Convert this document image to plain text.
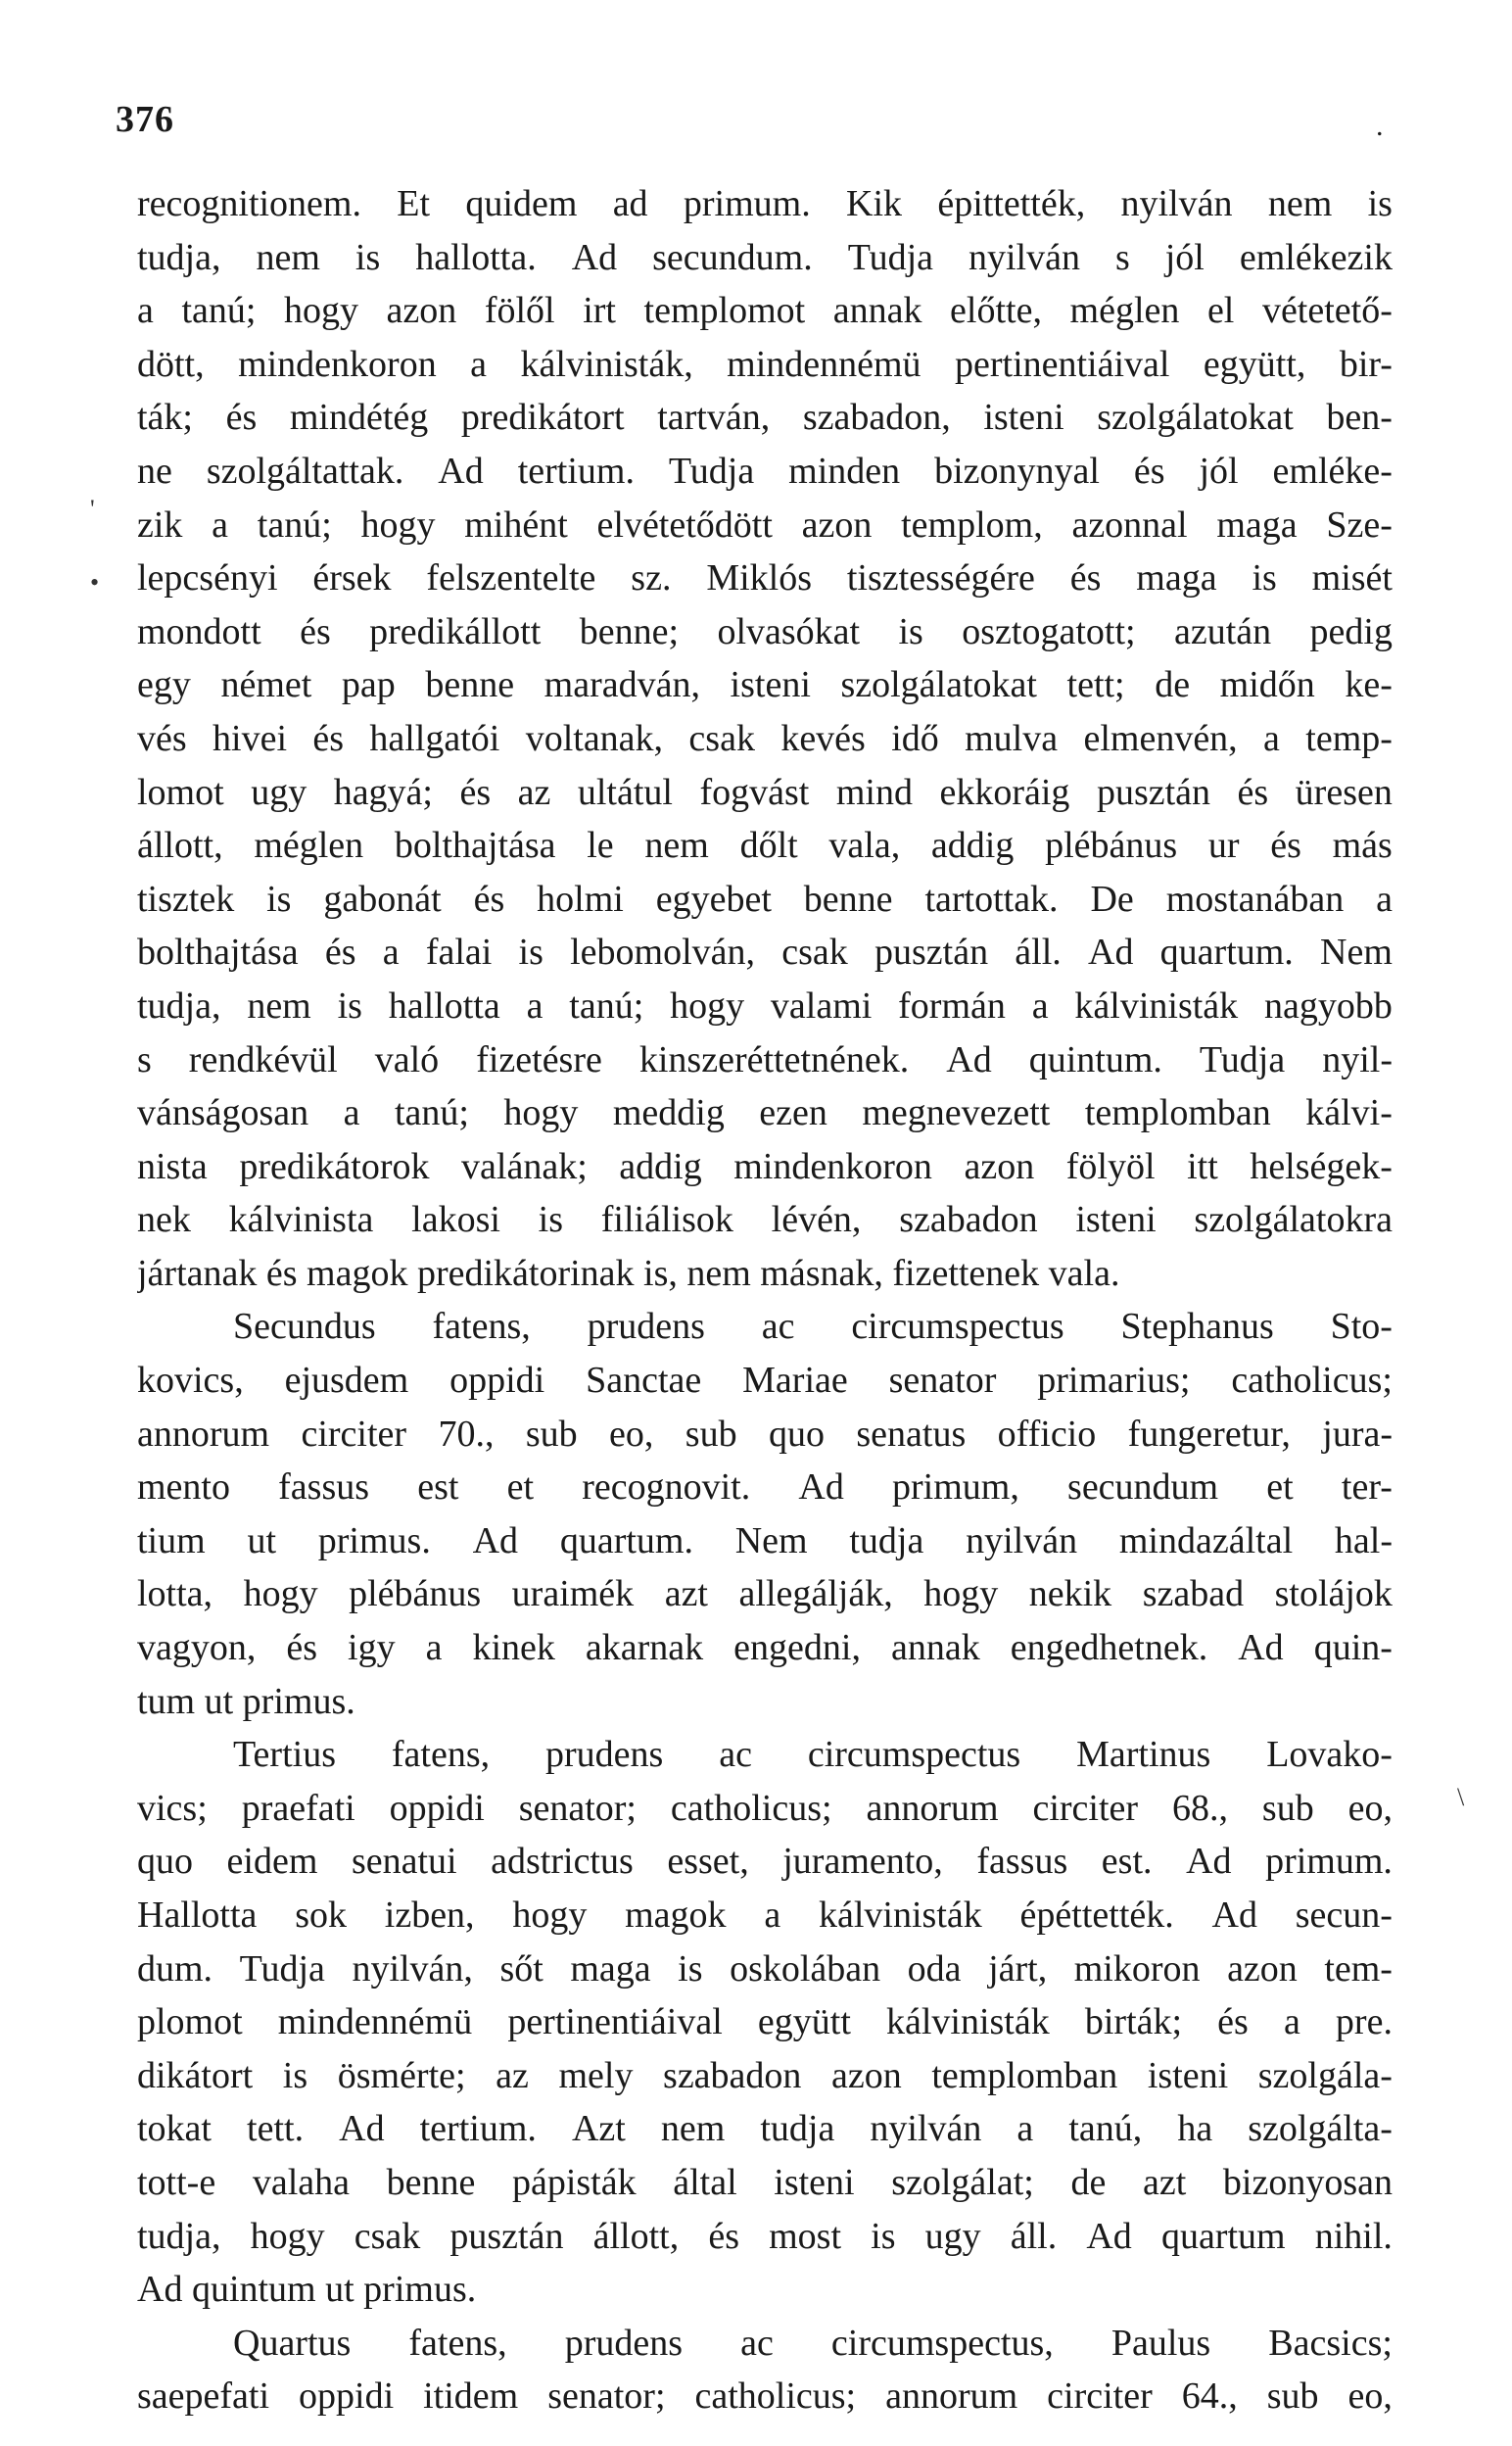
376	.
'
•
\
recognitionem. Et quidem ad primum. Kik épittették, nyilván nem is
tudja, nem is hallotta. Ad secundum. Tudja nyilván s jól emlékezik
a tanú; hogy azon fölől irt templomot annak előtte, méglen el vétetető-
dött, mindenkoron a kálvinisták, mindennémü pertinentiáival együtt, bir-
ták; és mindétég predikátort tartván, szabadon, isteni szolgálatokat ben-
ne szolgáltattak. Ad tertium. Tudja minden bizonynyal és jól emléke-
zik a tanú; hogy mihént elvétetődött azon templom, azonnal maga Sze-
lepcsényi érsek felszentelte sz. Miklós tisztességére és maga is misét
mondott és predikállott benne; olvasókat is osztogatott; azután pedig
egy német pap benne maradván, isteni szolgálatokat tett; de midőn ke-
vés hivei és hallgatói voltanak, csak kevés idő mulva elmenvén, a temp-
lomot ugy hagyá; és az ultátul fogvást mind ekkoráig pusztán és üresen
állott, méglen bolthajtása le nem dőlt vala, addig plébánus ur és más
tisztek is gabonát és holmi egyebet benne tartottak. De mostanában a
bolthajtása és a falai is lebomolván, csak pusztán áll. Ad quartum. Nem
tudja, nem is hallotta a tanú; hogy valami formán a kálvinisták nagyobb
s rendkévül való fizetésre kinszeréttetnének. Ad quintum. Tudja nyil-
vánságosan a tanú; hogy meddig ezen megnevezett templomban kálvi-
nista predikátorok valának; addig mindenkoron azon fölyöl itt helségek-
nek kálvinista lakosi is filiálisok lévén, szabadon isteni szolgálatokra
jártanak és magok predikátorinak is, nem másnak, fizettenek vala.
Secundus fatens, prudens ac circumspectus Stephanus Sto-
kovics, ejusdem oppidi Sanctae Mariae senator primarius; catholicus;
annorum circiter 70., sub eo, sub quo senatus officio fungeretur, jura-
mento fassus est et recognovit. Ad primum, secundum et ter-
tium ut primus. Ad quartum. Nem tudja nyilván mindazáltal hal-
lotta, hogy plébánus uraimék azt allegálják, hogy nekik szabad stolájok
vagyon, és igy a kinek akarnak engedni, annak engedhetnek. Ad quin-
tum ut primus.
Tertius fatens, prudens ac circumspectus Martinus Lovako-
vics; praefati oppidi senator; catholicus; annorum circiter 68., sub eo,
quo eidem senatui adstrictus esset, juramento, fassus est. Ad primum.
Hallotta sok izben, hogy magok a kálvinisták épéttették. Ad secun-
dum. Tudja nyilván, sőt maga is oskolában oda járt, mikoron azon tem-
plomot mindennémü pertinentiáival együtt kálvinisták birták; és a pre.
dikátort is ösmérte; az mely szabadon azon templomban isteni szolgála-
tokat tett. Ad tertium. Azt nem tudja nyilván a tanú, ha szolgálta-
tott-e valaha benne pápisták által isteni szolgálat; de azt bizonyosan
tudja, hogy csak pusztán állott, és most is ugy áll. Ad quartum nihil.
Ad quintum ut primus.
Quartus fatens, prudens ac circumspectus, Paulus Bacsics;
saepefati oppidi itidem senator; catholicus; annorum circiter 64., sub eo,
